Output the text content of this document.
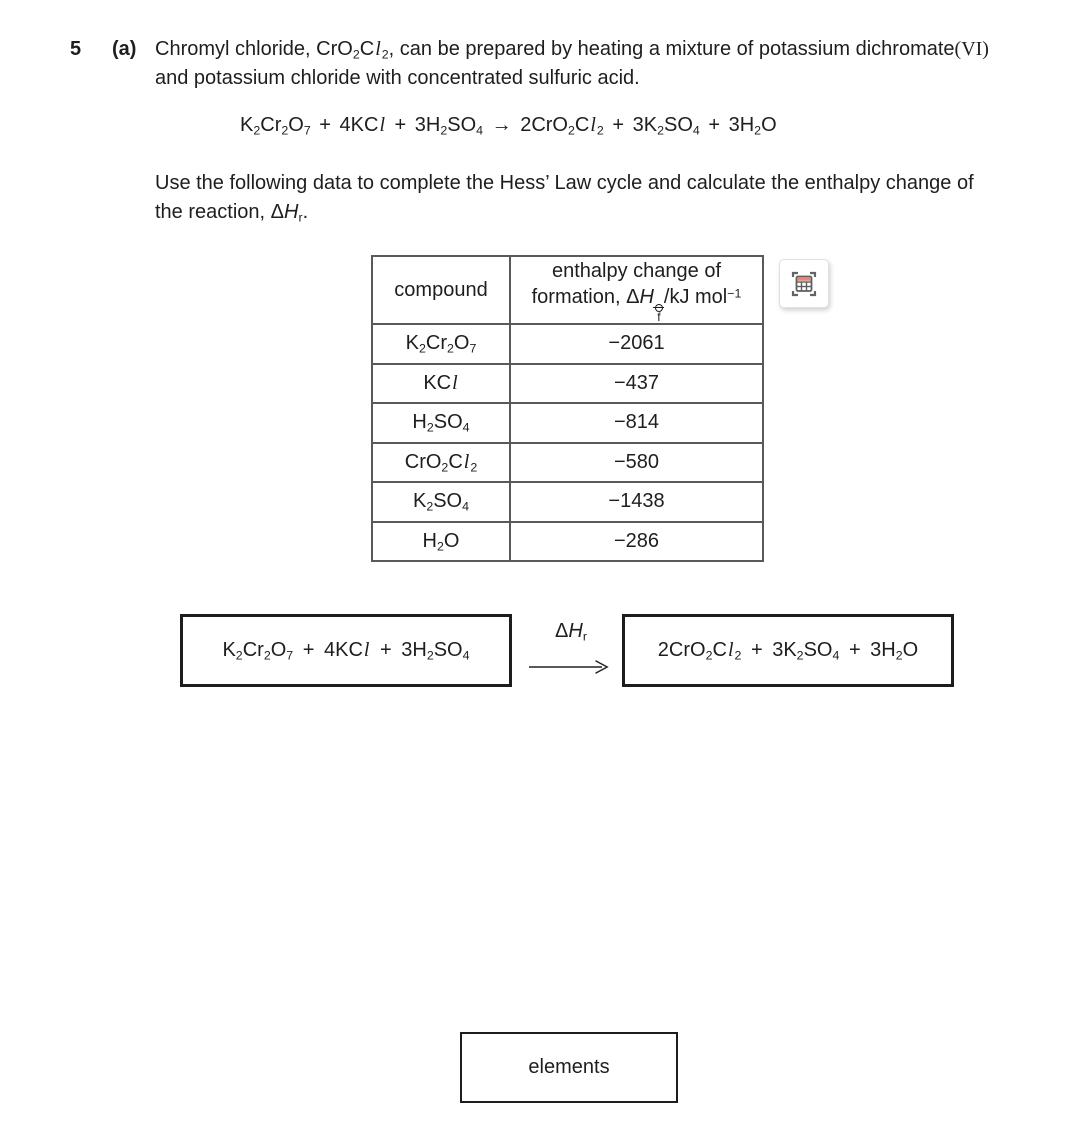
5 (a) Chromyl chloride, $CrO_2Cl_2$, can be prepared by heating a mixture of potassium dichromate(VI)
and potassium chloride with concentrated sulfuric acid.
$K_2Cr_2O_7 + 4KCl + 3H_2SO_4 \to 2CrO_2Cl_2 + 3K_2SO_4 + 3H_2O$
Use the following data to complete the Hess’ Law cycle and calculate the enthalpy change of
the reaction, $\Delta H_r$.
compound	enthalpy change of
formation, ΔH
f
/kJ mol$^{-1}$
$K_2Cr_2O_7$	−2061
KCl	−437
$H_2SO_4$	−814
$CrO_2Cl_2$	−580
$K_2SO_4$	−1438
$H_2O$	−286
$K_2Cr_2O_7 + 4KCl + 3H_2SO_4$
$\Delta H_r$
$2CrO_2Cl_2 + 3K_2SO_4 + 3H_2O$
elements
